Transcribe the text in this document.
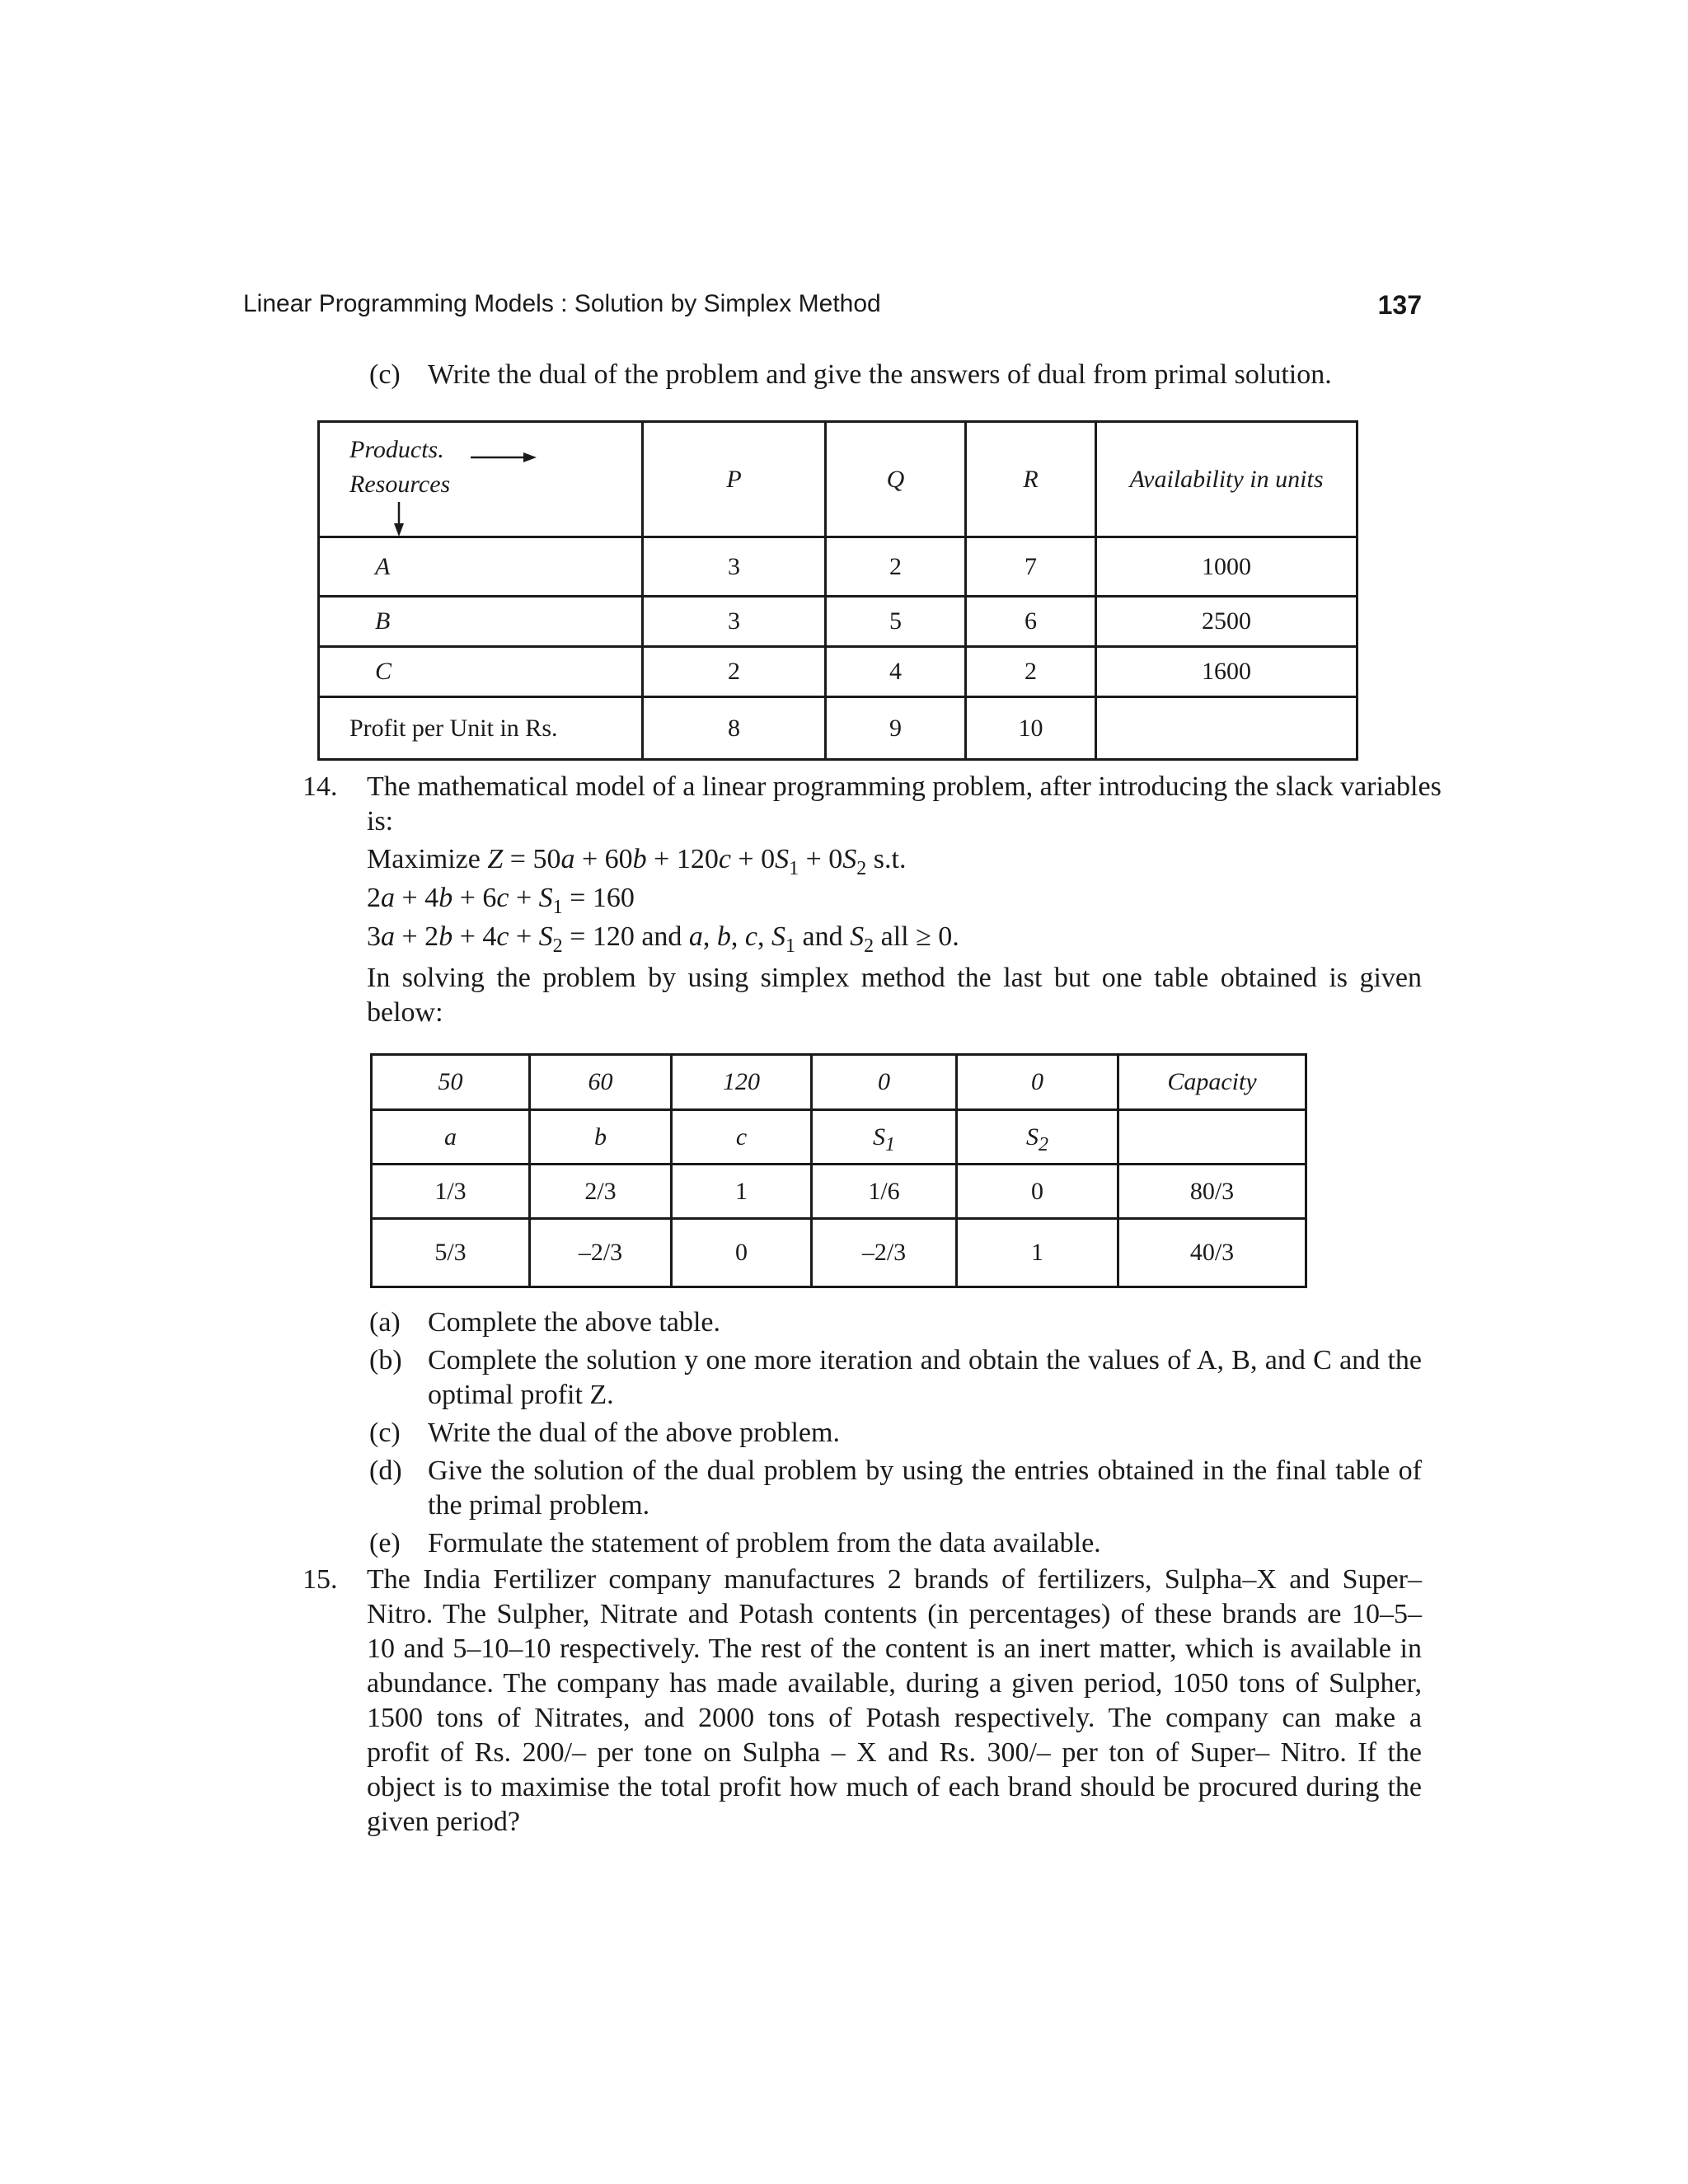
Linear Programming Models : Solution by Simplex Method	137
(c) Write the dual of the problem and give the answers of dual from primal solution.
Products.
Resources	P	Q	R	Availability in units
A	3	2	7	1000
B	3	5	6	2500
C	2	4	2	1600
Profit per Unit in Rs.	8	9	10	
14. The mathematical model of a linear programming problem, after introducing the slack variables
is:
Maximize $Z = 50a + 60b + 120c + 0S_1 + 0S_2$ s.t.
$2a + 4b + 6c + S_1 = 160$
$3a + 2b + 4c + S_2 = 120$ and a, b, c, $S_1$ and $S_2$ all ≥ 0.
In solving the problem by using simplex method the last but one table obtained is given
below:
50	60	120	0	0	Capacity
a	b	c	$S_1$	$S_2$	
1/3	2/3	1	1/6	0	80/3
5/3	–2/3	0	–2/3	1	40/3
(a) Complete the above table.
(b) Complete the solution y one more iteration and obtain the values of A, B, and C and the
optimal profit Z.
(c) Write the dual of the above problem.
(d) Give the solution of the dual problem by using the entries obtained in the final table of
the primal problem.
(e) Formulate the statement of problem from the data available.
15. The India Fertilizer company manufactures 2 brands of fertilizers, Sulpha–X and Super–
Nitro. The Sulpher, Nitrate and Potash contents (in percentages) of these brands are 10–5–
10 and 5–10–10 respectively. The rest of the content is an inert matter, which is available in
abundance. The company has made available, during a given period, 1050 tons of Sulpher,
1500 tons of Nitrates, and 2000 tons of Potash respectively. The company can make a
profit of Rs. 200/– per tone on Sulpha – X and Rs. 300/– per ton of Super– Nitro. If the
object is to maximise the total profit how much of each brand should be procured during the
given period?
